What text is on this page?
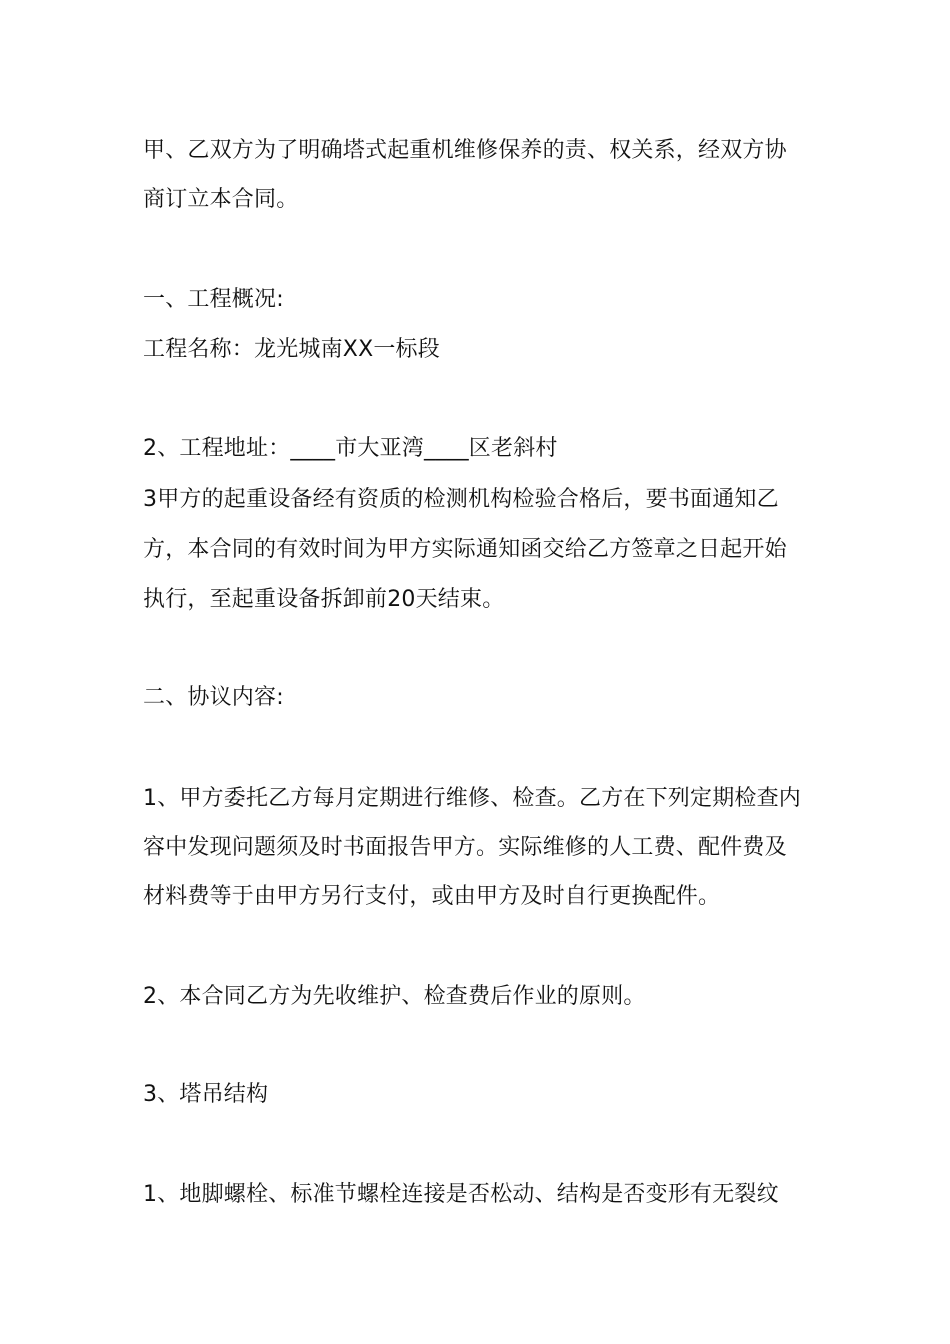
甲、乙双方为了明确塔式起重机维修保养的责、权关系，经双方协
商订立本合同。
一、工程概况:
工程名称：龙光城南XX一标段
2、工程地址：____市大亚湾____区老斜村
3甲方的起重设备经有资质的检测机构检验合格后，要书面通知乙
方，本合同的有效时间为甲方实际通知函交给乙方签章之日起开始
执行，至起重设备拆卸前20天结束。
二、协议内容:
1、甲方委托乙方每月定期进行维修、检查。乙方在下列定期检查内
容中发现问题须及时书面报告甲方。实际维修的人工费、配件费及
材料费等于由甲方另行支付，或由甲方及时自行更换配件。
2、本合同乙方为先收维护、检查费后作业的原则。
3、塔吊结构
1、地脚螺栓、标准节螺栓连接是否松动、结构是否变形有无裂纹
